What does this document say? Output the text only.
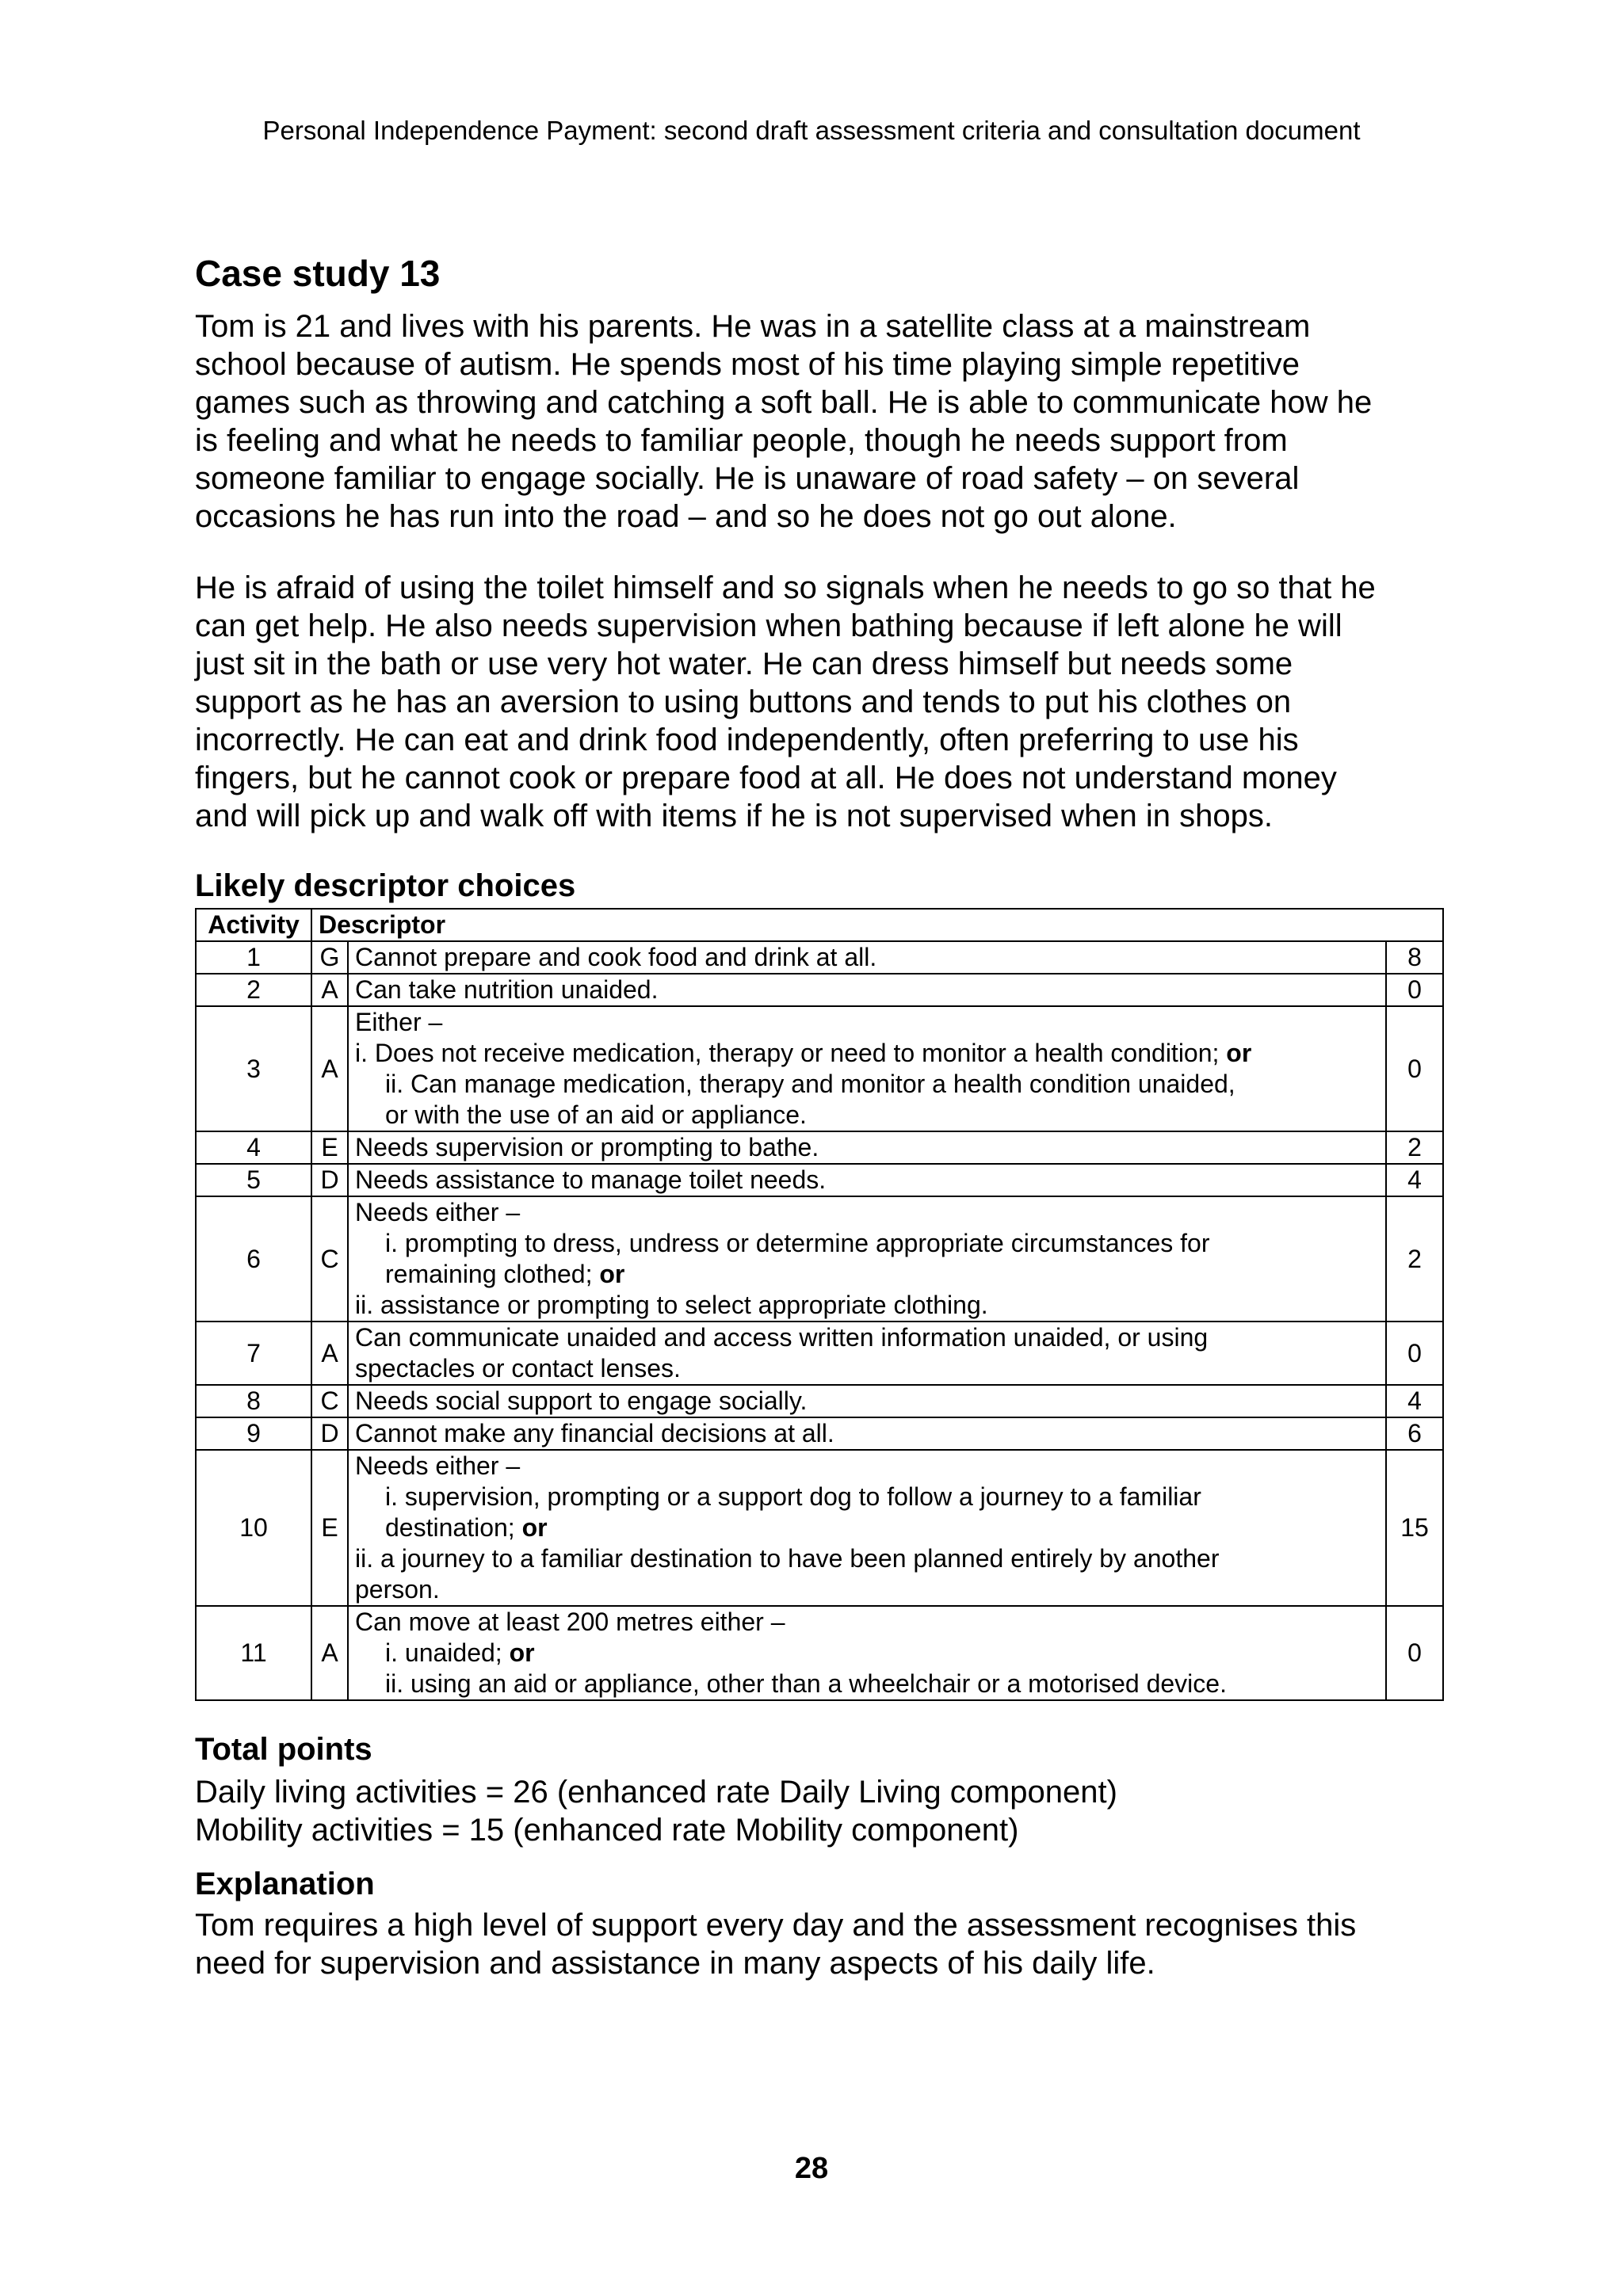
Personal Independence Payment: second draft assessment criteria and consultation document
Case study 13

Tom is 21 and lives with his parents. He was in a satellite class at a mainstream
school because of autism. He spends most of his time playing simple repetitive
games such as throwing and catching a soft ball. He is able to communicate how he
is feeling and what he needs to familiar people, though he needs support from
someone familiar to engage socially. He is unaware of road safety – on several
occasions he has run into the road – and so he does not go out alone.

He is afraid of using the toilet himself and so signals when he needs to go so that he
can get help. He also needs supervision when bathing because if left alone he will
just sit in the bath or use very hot water. He can dress himself but needs some
support as he has an aversion to using buttons and tends to put his clothes on
incorrectly. He can eat and drink food independently, often preferring to use his
fingers, but he cannot cook or prepare food at all. He does not understand money
and will pick up and walk off with items if he is not supervised when in shops.

Likely descriptor choices
Activity	Descriptor		
1	G	Cannot prepare and cook food and drink at all.	8
2	A	Can take nutrition unaided.	0
3	A	Either –
i. Does not receive medication, therapy or need to monitor a health condition; or
ii. Can manage medication, therapy and monitor a health condition unaided,
or with the use of an aid or appliance.	0
4	E	Needs supervision or prompting to bathe.	2
5	D	Needs assistance to manage toilet needs.	4
6	C	Needs either –
i. prompting to dress, undress or determine appropriate circumstances for
remaining clothed; or
ii. assistance or prompting to select appropriate clothing.	2
7	A	Can communicate unaided and access written information unaided, or using
spectacles or contact lenses.	0
8	C	Needs social support to engage socially.	4
9	D	Cannot make any financial decisions at all.	6
10	E	Needs either –
i. supervision, prompting or a support dog to follow a journey to a familiar
destination; or
ii. a journey to a familiar destination to have been planned entirely by another
person.	15
11	A	Can move at least 200 metres either –
i. unaided; or
ii. using an aid or appliance, other than a wheelchair or a motorised device.	0
Total points

Daily living activities = 26 (enhanced rate Daily Living component)
Mobility activities = 15 (enhanced rate Mobility component)

Explanation

Tom requires a high level of support every day and the assessment recognises this
need for supervision and assistance in many aspects of his daily life.

28
